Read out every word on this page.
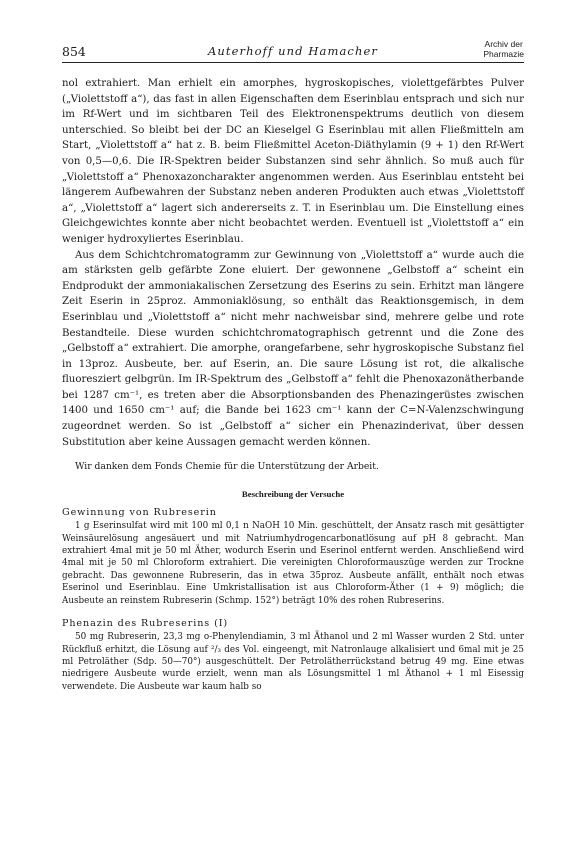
854	Auterhoff und Hamacher	Archiv der
Pharmazie

nol extrahiert. Man erhielt ein amorphes, hygroskopisches, violettgefärbtes Pulver („Violettstoff a“), das fast in allen Eigenschaften dem Eserinblau entsprach und sich nur im Rf-Wert und im sichtbaren Teil des Elektronenspektrums deutlich von diesem unterschied. So bleibt bei der DC an Kieselgel G Eserinblau mit allen Fließmitteln am Start, „Violettstoff a“ hat z. B. beim Fließmittel Aceton-Diäthylamin (9 + 1) den Rf-Wert von 0,5—0,6. Die IR-Spektren beider Substanzen sind sehr ähnlich. So muß auch für „Violettstoff a“ Phenoxazoncharakter angenommen werden. Aus Eserinblau entsteht bei längerem Aufbewahren der Substanz neben anderen Produkten auch etwas „Violettstoff a“, „Violettstoff a“ lagert sich andererseits z. T. in Eserinblau um. Die Einstellung eines Gleichgewichtes konnte aber nicht beobachtet werden. Eventuell ist „Violettstoff a“ ein weniger hydroxyliertes Eserinblau.

Aus dem Schichtchromatogramm zur Gewinnung von „Violettstoff a“ wurde auch die am stärksten gelb gefärbte Zone eluiert. Der gewonnene „Gelbstoff a“ scheint ein Endprodukt der ammoniakalischen Zersetzung des Eserins zu sein. Erhitzt man längere Zeit Eserin in 25proz. Ammoniaklösung, so enthält das Reaktionsgemisch, in dem Eserinblau und „Violettstoff a“ nicht mehr nachweisbar sind, mehrere gelbe und rote Bestandteile. Diese wurden schichtchromatographisch getrennt und die Zone des „Gelbstoff a“ extrahiert. Die amorphe, orangefarbene, sehr hygroskopische Substanz fiel in 13proz. Ausbeute, ber. auf Eserin, an. Die saure Lösung ist rot, die alkalische fluoresziert gelbgrün. Im IR-Spektrum des „Gelbstoff a“ fehlt die Phenoxazonätherbande bei 1287 cm⁻¹, es treten aber die Absorptionsbanden des Phenazingerüstes zwischen 1400 und 1650 cm⁻¹ auf; die Bande bei 1623 cm⁻¹ kann der C=N-Valenzschwingung zugeordnet werden. So ist „Gelbstoff a“ sicher ein Phenazinderivat, über dessen Substitution aber keine Aussagen gemacht werden können.

Wir danken dem Fonds Chemie für die Unterstützung der Arbeit.

Beschreibung der Versuche
Gewinnung von Rubreserin

1 g Eserinsulfat wird mit 100 ml 0,1 n NaOH 10 Min. geschüttelt, der Ansatz rasch mit gesättigter Weinsäurelösung angesäuert und mit Natriumhydrogencarbonatlösung auf pH 8 gebracht. Man extrahiert 4mal mit je 50 ml Äther, wodurch Eserin und Eserinol entfernt werden. Anschließend wird 4mal mit je 50 ml Chloroform extrahiert. Die vereinigten Chloroformauszüge werden zur Trockne gebracht. Das gewonnene Rubreserin, das in etwa 35proz. Ausbeute anfällt, enthält noch etwas Eserinol und Eserinblau. Eine Umkristallisation ist aus Chloroform-Äther (1 + 9) möglich; die Ausbeute an reinstem Rubreserin (Schmp. 152°) beträgt 10% des rohen Rubreserins.

Phenazin des Rubreserins (I)

50 mg Rubreserin, 23,3 mg o-Phenylendiamin, 3 ml Äthanol und 2 ml Wasser wurden 2 Std. unter Rückfluß erhitzt, die Lösung auf ²/₃ des Vol. eingeengt, mit Natronlauge alkalisiert und 6mal mit je 25 ml Petroläther (Sdp. 50—70°) ausgeschüttelt. Der Petrolätherrückstand betrug 49 mg. Eine etwas niedrigere Ausbeute wurde erzielt, wenn man als Lösungsmittel 1 ml Äthanol + 1 ml Eisessig verwendete. Die Ausbeute war kaum halb so
